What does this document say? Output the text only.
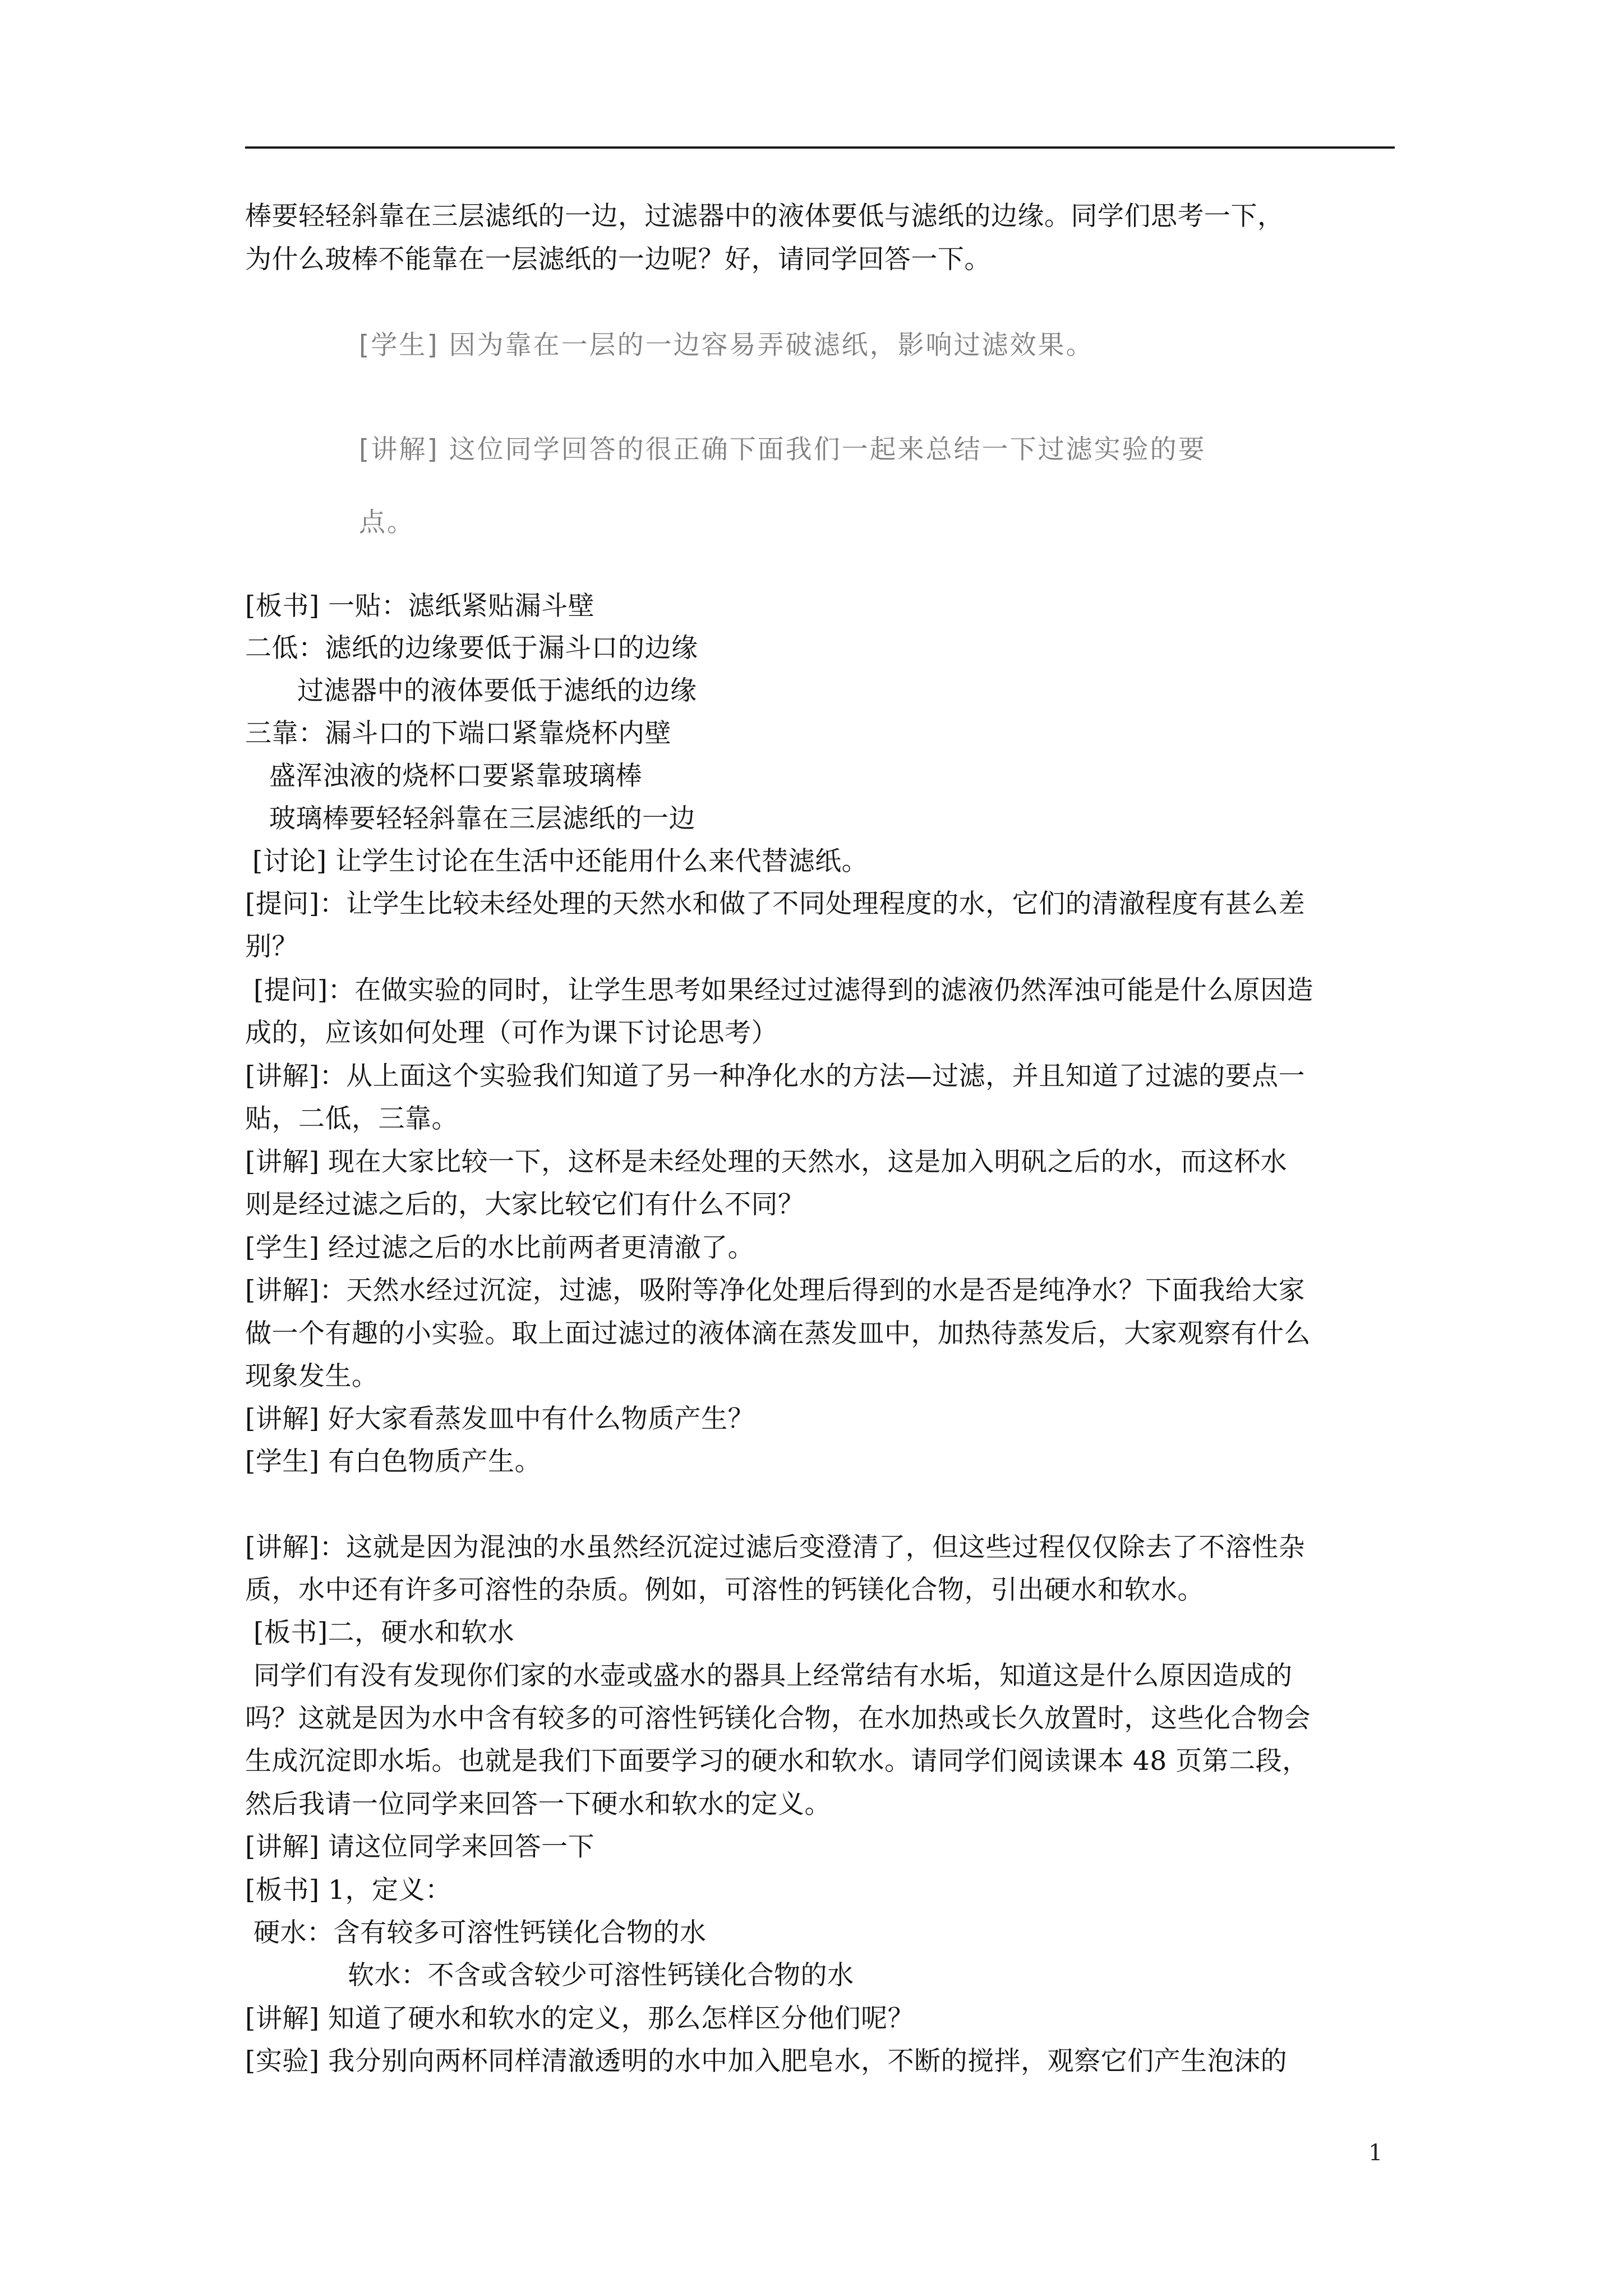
棒要轻轻斜靠在三层滤纸的一边，过滤器中的液体要低与滤纸的边缘。同学们思考一下，
为什么玻棒不能靠在一层滤纸的一边呢？好，请同学回答一下。
[学生] 因为靠在一层的一边容易弄破滤纸，影响过滤效果。
[讲解] 这位同学回答的很正确下面我们一起来总结一下过滤实验的要
点。
[板书] 一贴：滤纸紧贴漏斗壁
二低：滤纸的边缘要低于漏斗口的边缘
过滤器中的液体要低于滤纸的边缘
三靠：漏斗口的下端口紧靠烧杯内壁
盛浑浊液的烧杯口要紧靠玻璃棒
玻璃棒要轻轻斜靠在三层滤纸的一边
[讨论] 让学生讨论在生活中还能用什么来代替滤纸。
[提问]：让学生比较未经处理的天然水和做了不同处理程度的水，它们的清澈程度有甚么差
别？
[提问]：在做实验的同时，让学生思考如果经过过滤得到的滤液仍然浑浊可能是什么原因造
成的，应该如何处理（可作为课下讨论思考）
[讲解]：从上面这个实验我们知道了另一种净化水的方法—过滤，并且知道了过滤的要点一
贴，二低，三靠。
[讲解] 现在大家比较一下，这杯是未经处理的天然水，这是加入明矾之后的水，而这杯水
则是经过滤之后的，大家比较它们有什么不同？
[学生] 经过滤之后的水比前两者更清澈了。
[讲解]：天然水经过沉淀，过滤，吸附等净化处理后得到的水是否是纯净水？下面我给大家
做一个有趣的小实验。取上面过滤过的液体滴在蒸发皿中，加热待蒸发后，大家观察有什么
现象发生。
[讲解] 好大家看蒸发皿中有什么物质产生？
[学生] 有白色物质产生。
[讲解]：这就是因为混浊的水虽然经沉淀过滤后变澄清了，但这些过程仅仅除去了不溶性杂
质，水中还有许多可溶性的杂质。例如，可溶性的钙镁化合物，引出硬水和软水。
[板书]二，硬水和软水
同学们有没有发现你们家的水壶或盛水的器具上经常结有水垢，知道这是什么原因造成的
吗？这就是因为水中含有较多的可溶性钙镁化合物，在水加热或长久放置时，这些化合物会
生成沉淀即水垢。也就是我们下面要学习的硬水和软水。请同学们阅读课本 48 页第二段，
然后我请一位同学来回答一下硬水和软水的定义。
[讲解] 请这位同学来回答一下
[板书] 1，定义：
硬水：含有较多可溶性钙镁化合物的水
软水：不含或含较少可溶性钙镁化合物的水
[讲解] 知道了硬水和软水的定义，那么怎样区分他们呢？
[实验] 我分别向两杯同样清澈透明的水中加入肥皂水，不断的搅拌，观察它们产生泡沫的
1
